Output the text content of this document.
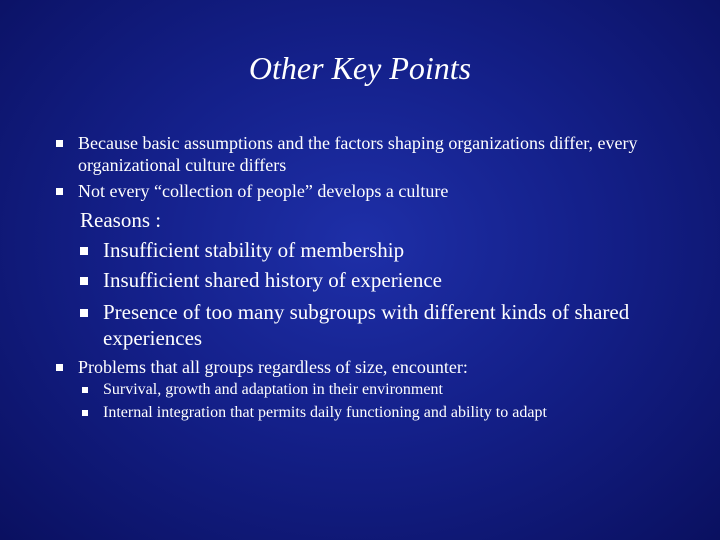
Other Key Points
Because basic assumptions and the factors shaping organizations differ, every organizational culture differs
Not every “collection of people” develops a culture
Reasons :
Insufficient stability of membership
Insufficient shared history of experience
Presence of too many subgroups with different kinds of shared experiences
Problems that all groups regardless of size, encounter:
Survival, growth and adaptation in their environment
Internal integration that permits daily functioning and ability to adapt
